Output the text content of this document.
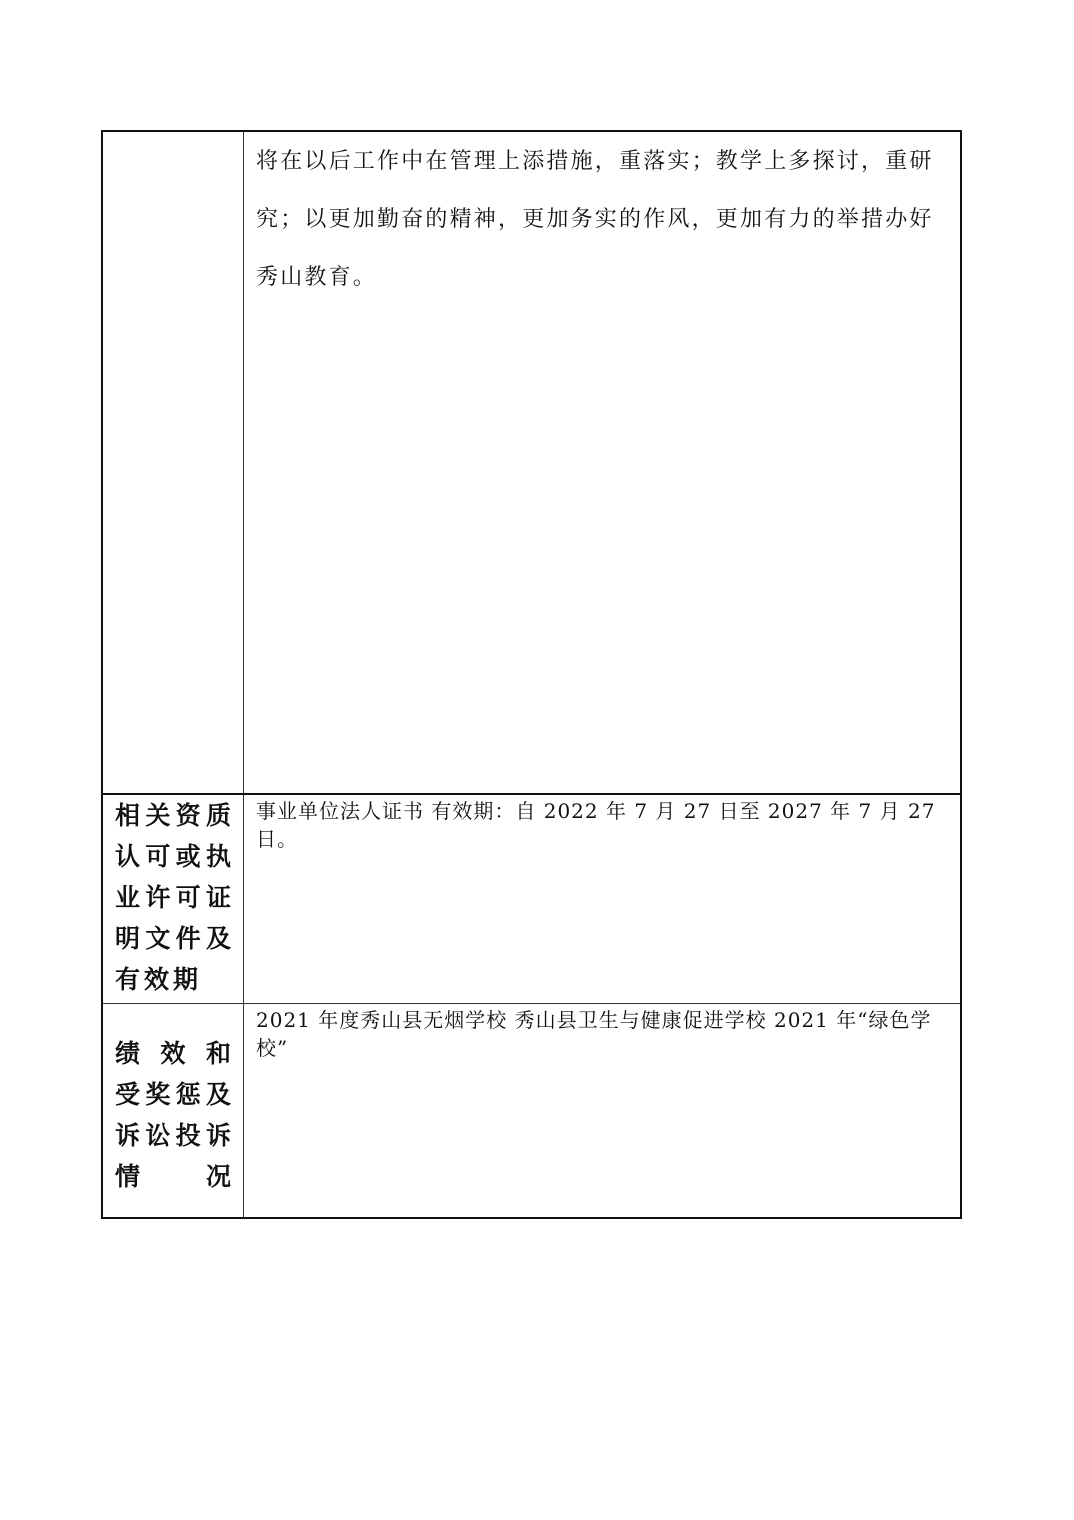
将在以后工作中在管理上添措施，重落实；教学上多探讨，重研究；以更加勤奋的精神，更加务实的作风，更加有力的举措办好秀山教育。

相关资质
认可或执
业许可证
明文件及
有效期

事业单位法人证书 有效期：自 2022 年 7 月 27 日至 2027 年 7 月 27 日。

绩效和
受奖惩及
诉讼投诉
情况

2021 年度秀山县无烟学校 秀山县卫生与健康促进学校 2021 年“绿色学校”
